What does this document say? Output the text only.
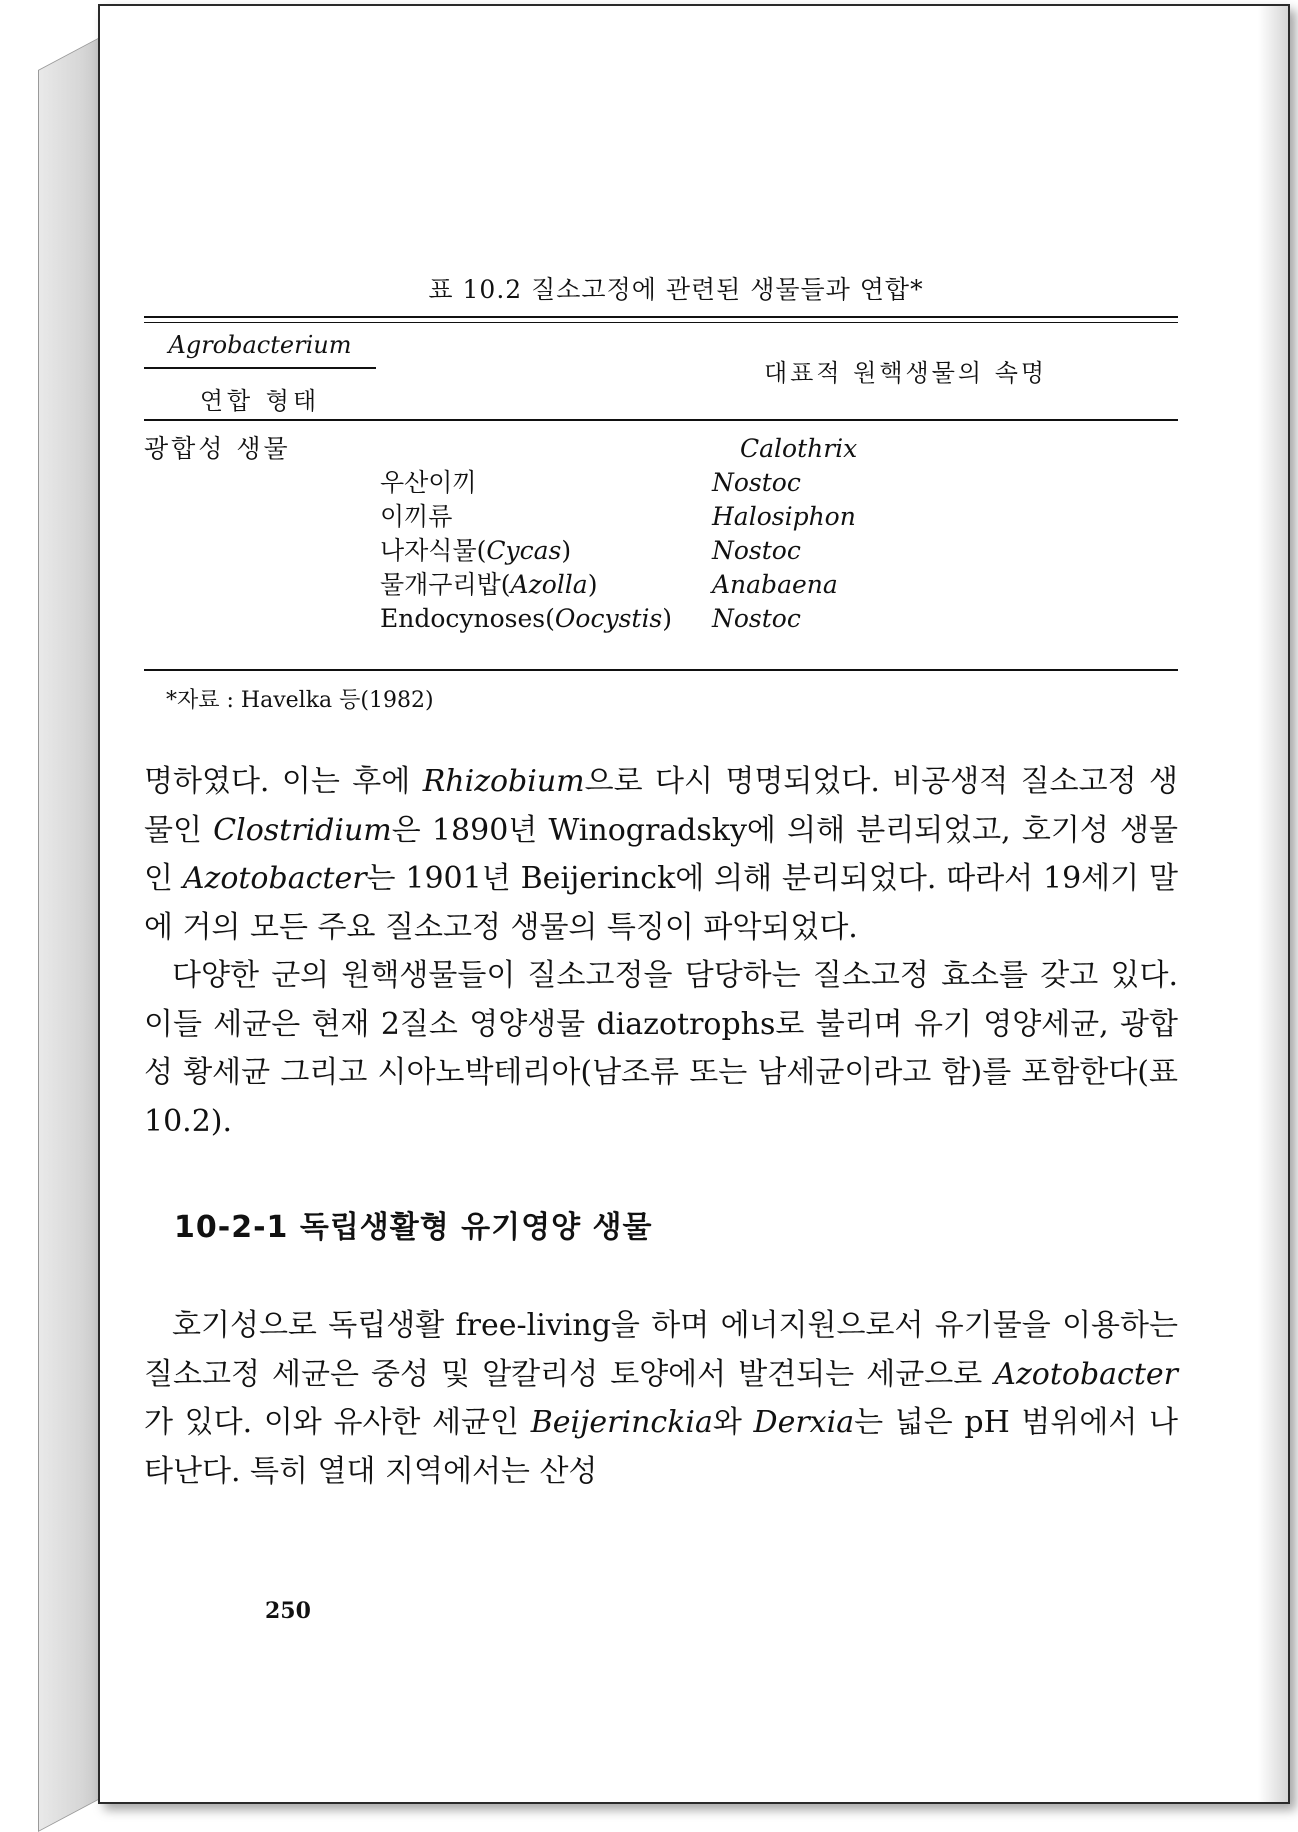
표 10.2 질소고정에 관련된 생물들과 연합*
Agrobacterium
연합 형태
대표적 원핵생물의 속명
광합성 생물	Calothrix
우산이끼	Nostoc
이끼류	Halosiphon
나자식물(Cycas)	Nostoc
물개구리밥(Azolla)	Anabaena
Endocynoses(Oocystis) Nostoc
*자료 : Havelka 등(1982)

명하였다. 이는 후에 Rhizobium으로 다시 명명되었다. 비공생적 질소고정 생물인 Clostridium은 1890년 Winogradsky에 의해 분리되었고, 호기성 생물인 Azotobacter는 1901년 Beijerinck에 의해 분리되었다. 따라서 19세기 말에 거의 모든 주요 질소고정 생물의 특징이 파악되었다.

다양한 군의 원핵생물들이 질소고정을 담당하는 질소고정 효소를 갖고 있다. 이들 세균은 현재 2질소 영양생물 diazotrophs로 불리며 유기 영양세균, 광합성 황세균 그리고 시아노박테리아(남조류 또는 남세균이라고 함)를 포함한다(표 10.2).

10-2-1 독립생활형 유기영양 생물

호기성으로 독립생활 free-living을 하며 에너지원으로서 유기물을 이용하는 질소고정 세균은 중성 및 알칼리성 토양에서 발견되는 세균으로 Azotobacter가 있다. 이와 유사한 세균인 Beijerinckia와 Derxia는 넓은 pH 범위에서 나타난다. 특히 열대 지역에서는 산성

250
